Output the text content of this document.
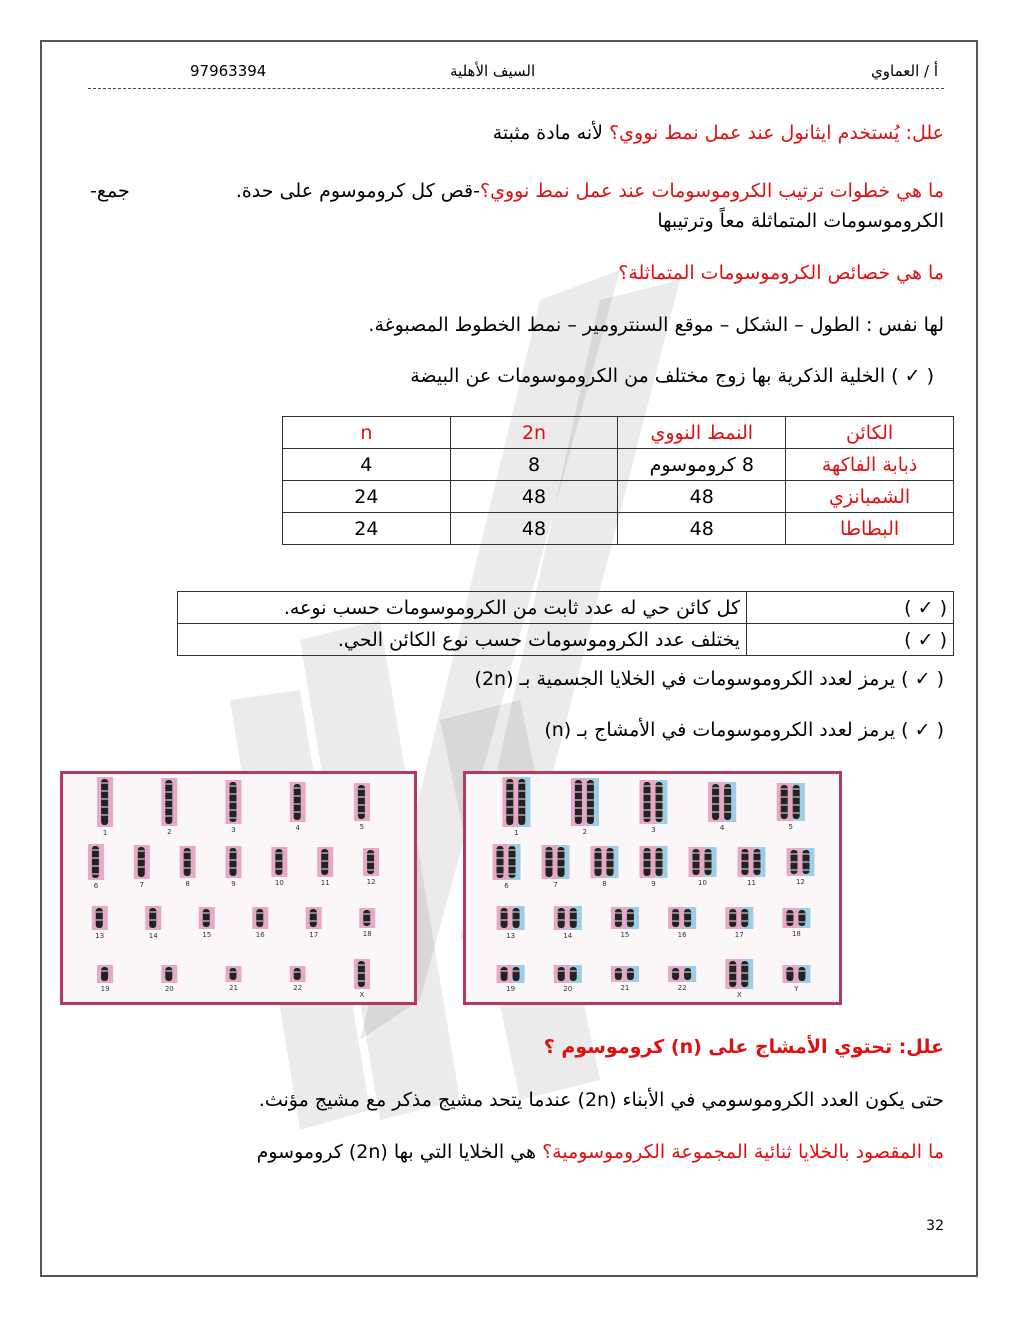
أ / العماوي
السيف الأهلية
97963394
علل: يُستخدم ايثانول عند عمل نمط نووي؟ لأنه مادة مثبتة
ما هي خطوات ترتيب الكروموسومات عند عمل نمط نووي؟-قص كل كروموسوم على حدة.
-جمع
الكروموسومات المتماثلة معاً وترتيبها
ما هي خصائص الكروموسومات المتماثلة؟
لها نفس : الطول – الشكل – موقع السنترومير – نمط الخطوط المصبوغة.
( ✓ ) الخلية الذكرية بها زوج مختلف من الكروموسومات عن البيضة
الكائن	النمط النووي	2n	n
ذبابة الفاكهة	8 كروموسوم	8	4
الشمبانزي	48	48	24
البطاطا	48	48	24
( ✓ )	كل كائن حي له عدد ثابت من الكروموسومات حسب نوعه.
( ✓ )	يختلف عدد الكروموسومات حسب نوع الكائن الحي.
( ✓ ) يرمز لعدد الكروموسومات في الخلايا الجسمية بـ (2n)
( ✓ ) يرمز لعدد الكروموسومات في الأمشاج بـ (n)
1	2	3	4	5
6	7	8	9	10	11	12
13	14	15	16	17	18
19	20	21	22
X
1	2	3	4	5
6	7	8	9	10	11	12
13	14	15	16	17	18
19	20	21	22
X
Y
علل: تحتوي الأمشاج على (n) كروموسوم ؟
حتى يكون العدد الكروموسومي في الأبناء (2n) عندما يتحد مشيج مذكر مع مشيج مؤنث.
ما المقصود بالخلايا ثنائية المجموعة الكروموسومية؟ هي الخلايا التي بها (2n) كروموسوم
32
